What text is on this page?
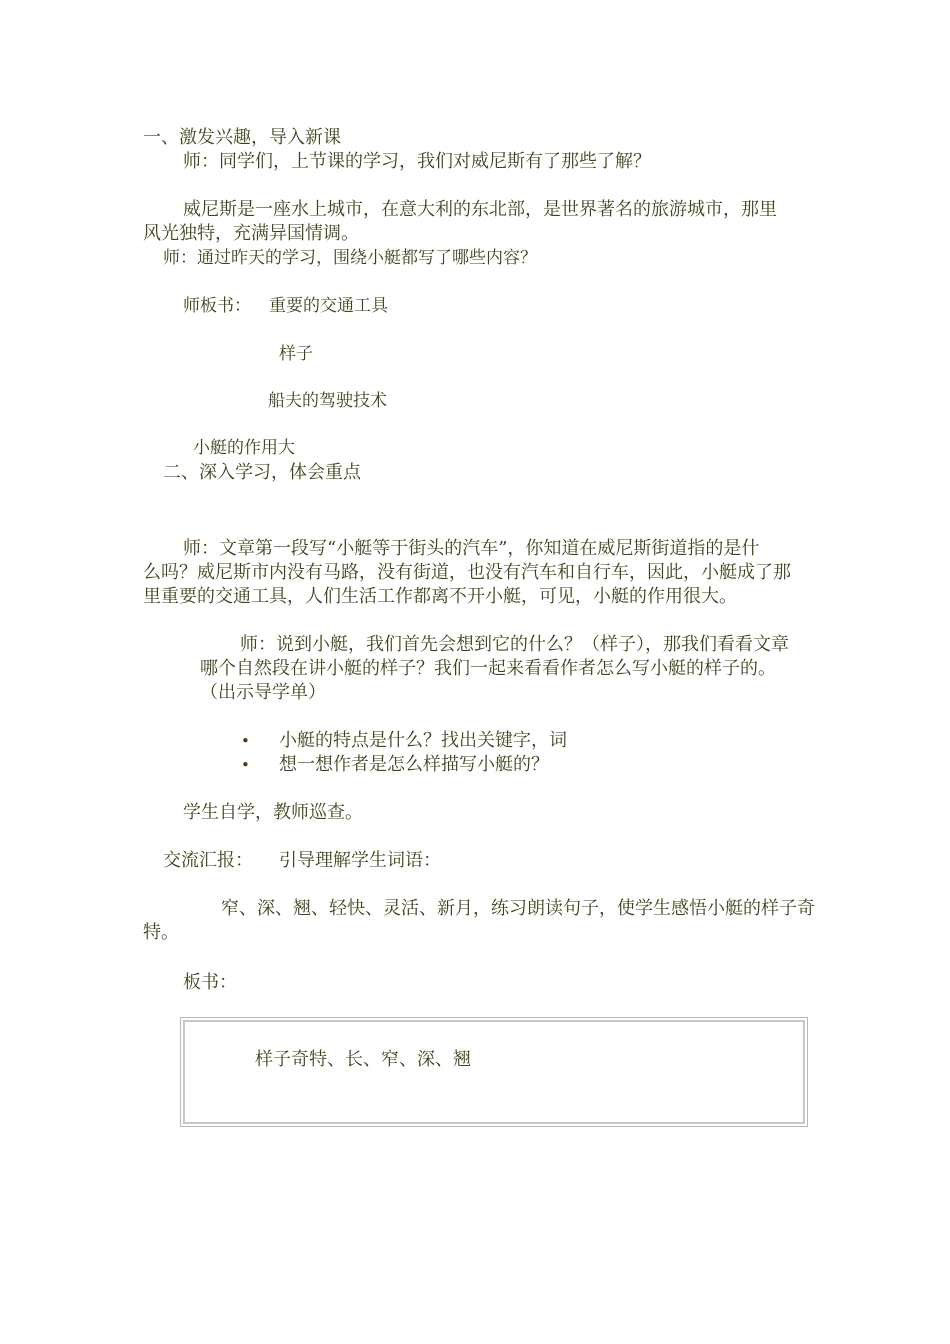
一、激发兴趣，导入新课
师：同学们，上节课的学习，我们对威尼斯有了那些了解？
威尼斯是一座水上城市，在意大利的东北部，是世界著名的旅游城市，那里
风光独特，充满异国情调。
师：通过昨天的学习，围绕小艇都写了哪些内容？
师板书： 重要的交通工具
样子
船夫的驾驶技术
小艇的作用大
二、深入学习，体会重点
师：文章第一段写“小艇等于街头的汽车”，你知道在威尼斯街道指的是什
么吗？威尼斯市内没有马路，没有街道，也没有汽车和自行车，因此，小艇成了那
里重要的交通工具，人们生活工作都离不开小艇，可见，小艇的作用很大。
师：说到小艇，我们首先会想到它的什么？（样子），那我们看看文章
哪个自然段在讲小艇的样子？我们一起来看看作者怎么写小艇的样子的。
（出示导学单）
• 小艇的特点是什么？找出关键字，词
• 想一想作者是怎么样描写小艇的？
学生自学，教师巡查。
交流汇报： 引导理解学生词语：
窄、深、翘、轻快、灵活、新月，练习朗读句子，使学生感悟小艇的样子奇
特。
板书：
样子奇特、长、窄、深、翘
